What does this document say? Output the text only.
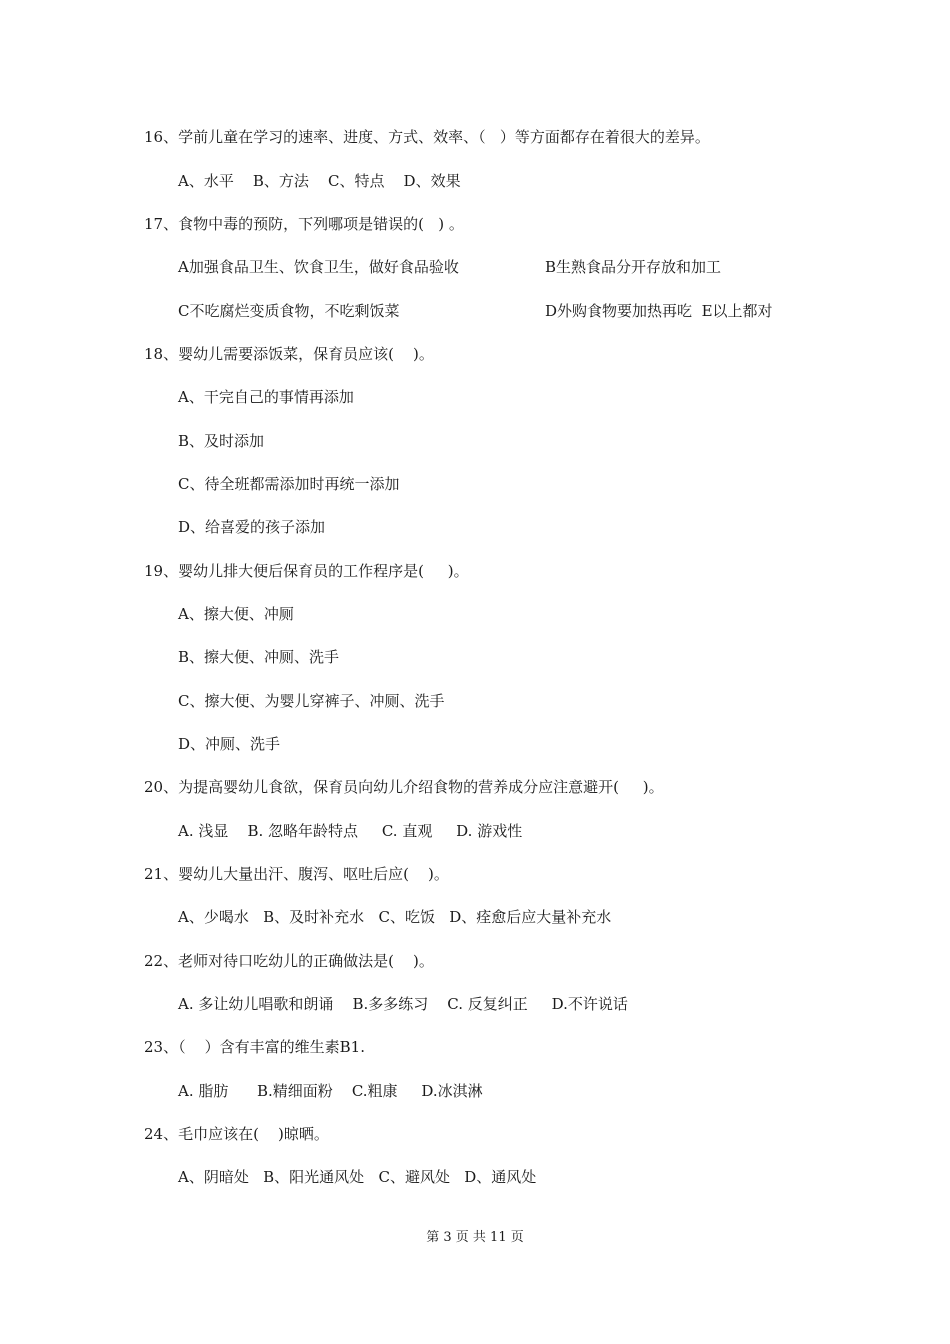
16、学前儿童在学习的速率、进度、方式、效率、（   ）等方面都存在着很大的差异。
A、水平    B、方法    C、特点    D、效果
17、食物中毒的预防，下列哪项是错误的(   ) 。
A加强食品卫生、饮食卫生，做好食品验收	B生熟食品分开存放和加工
C不吃腐烂变质食物，不吃剩饭菜	D外购食物要加热再吃  E以上都对
18、婴幼儿需要添饭菜，保育员应该(    )。
A、干完自己的事情再添加
B、及时添加
C、待全班都需添加时再统一添加
D、给喜爱的孩子添加
19、婴幼儿排大便后保育员的工作程序是(     )。
A、擦大便、冲厕
B、擦大便、冲厕、洗手
C、擦大便、为婴儿穿裤子、冲厕、洗手
D、冲厕、洗手
20、为提高婴幼儿食欲，保育员向幼儿介绍食物的营养成分应注意避开(     )。
A. 浅显    B. 忽略年龄特点     C. 直观     D. 游戏性
21、婴幼儿大量出汗、腹泻、呕吐后应(    )。
A、少喝水   B、及时补充水   C、吃饭   D、痊愈后应大量补充水
22、老师对待口吃幼儿的正确做法是(    )。
A. 多让幼儿唱歌和朗诵    B.多多练习    C. 反复纠正     D.不许说话
23、（    ）含有丰富的维生素B1.
A. 脂肪      B.精细面粉    C.粗康     D.冰淇淋
24、毛巾应该在(    )晾晒。
A、阴暗处   B、阳光通风处   C、避风处   D、通风处
第 3 页 共 11 页
